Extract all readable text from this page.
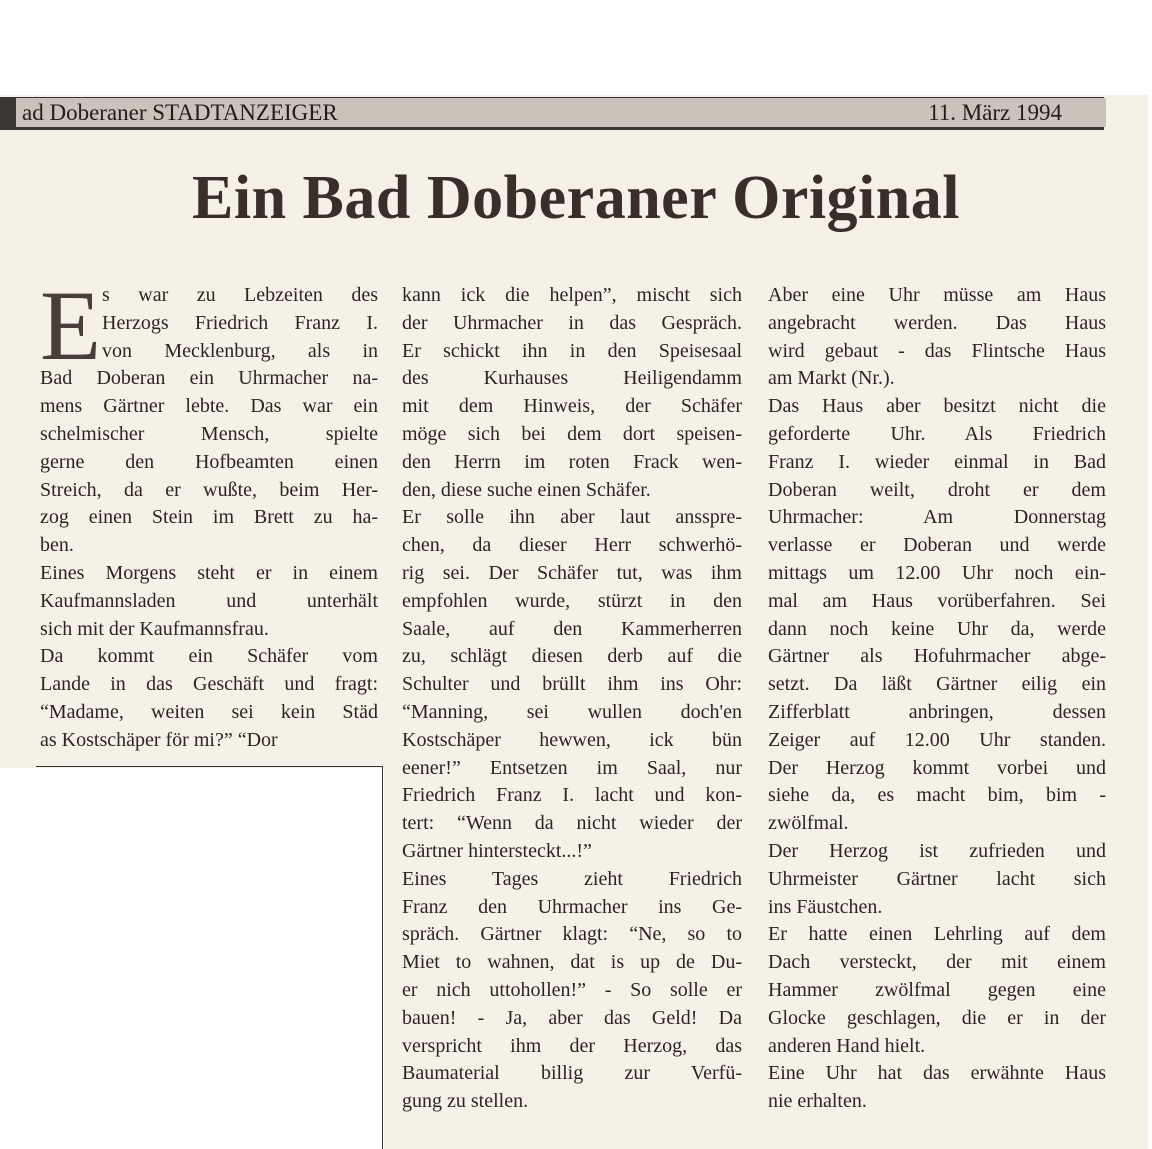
ad Doberaner STADTANZEIGER	11. März 1994
Ein Bad Doberaner Original
E s war zu Lebzeiten des
Herzogs Friedrich Franz I.
von Mecklenburg, als in
Bad Doberan ein Uhrmacher na-
mens Gärtner lebte. Das war ein
schelmischer Mensch, spielte
gerne den Hofbeamten einen
Streich, da er wußte, beim Her-
zog einen Stein im Brett zu ha-
ben.
Eines Morgens steht er in einem
Kaufmannsladen und unterhält
sich mit der Kaufmannsfrau.
Da kommt ein Schäfer vom
Lande in das Geschäft und fragt:
“Madame, weiten sei kein Städ
as Kostschäper för mi?” “Dor
kann ick die helpen”, mischt sich
der Uhrmacher in das Gespräch.
Er schickt ihn in den Speisesaal
des Kurhauses Heiligendamm
mit dem Hinweis, der Schäfer
möge sich bei dem dort speisen-
den Herrn im roten Frack wen-
den, diese suche einen Schäfer.
Er solle ihn aber laut ansspre-
chen, da dieser Herr schwerhö-
rig sei. Der Schäfer tut, was ihm
empfohlen wurde, stürzt in den
Saale, auf den Kammerherren
zu, schlägt diesen derb auf die
Schulter und brüllt ihm ins Ohr:
“Manning, sei wullen doch'en
Kostschäper hewwen, ick bün
eener!” Entsetzen im Saal, nur
Friedrich Franz I. lacht und kon-
tert: “Wenn da nicht wieder der
Gärtner hintersteckt...!”
Eines Tages zieht Friedrich
Franz den Uhrmacher ins Ge-
spräch. Gärtner klagt: “Ne, so to
Miet to wahnen, dat is up de Du-
er nich uttohollen!” - So solle er
bauen! - Ja, aber das Geld! Da
verspricht ihm der Herzog, das
Baumaterial billig zur Verfü-
gung zu stellen.
Aber eine Uhr müsse am Haus
angebracht werden. Das Haus
wird gebaut - das Flintsche Haus
am Markt (Nr.).
Das Haus aber besitzt nicht die
geforderte Uhr. Als Friedrich
Franz I. wieder einmal in Bad
Doberan weilt, droht er dem
Uhrmacher: Am Donnerstag
verlasse er Doberan und werde
mittags um 12.00 Uhr noch ein-
mal am Haus vorüberfahren. Sei
dann noch keine Uhr da, werde
Gärtner als Hofuhrmacher abge-
setzt. Da läßt Gärtner eilig ein
Zifferblatt anbringen, dessen
Zeiger auf 12.00 Uhr standen.
Der Herzog kommt vorbei und
siehe da, es macht bim, bim -
zwölfmal.
Der Herzog ist zufrieden und
Uhrmeister Gärtner lacht sich
ins Fäustchen.
Er hatte einen Lehrling auf dem
Dach versteckt, der mit einem
Hammer zwölfmal gegen eine
Glocke geschlagen, die er in der
anderen Hand hielt.
Eine Uhr hat das erwähnte Haus
nie erhalten.
